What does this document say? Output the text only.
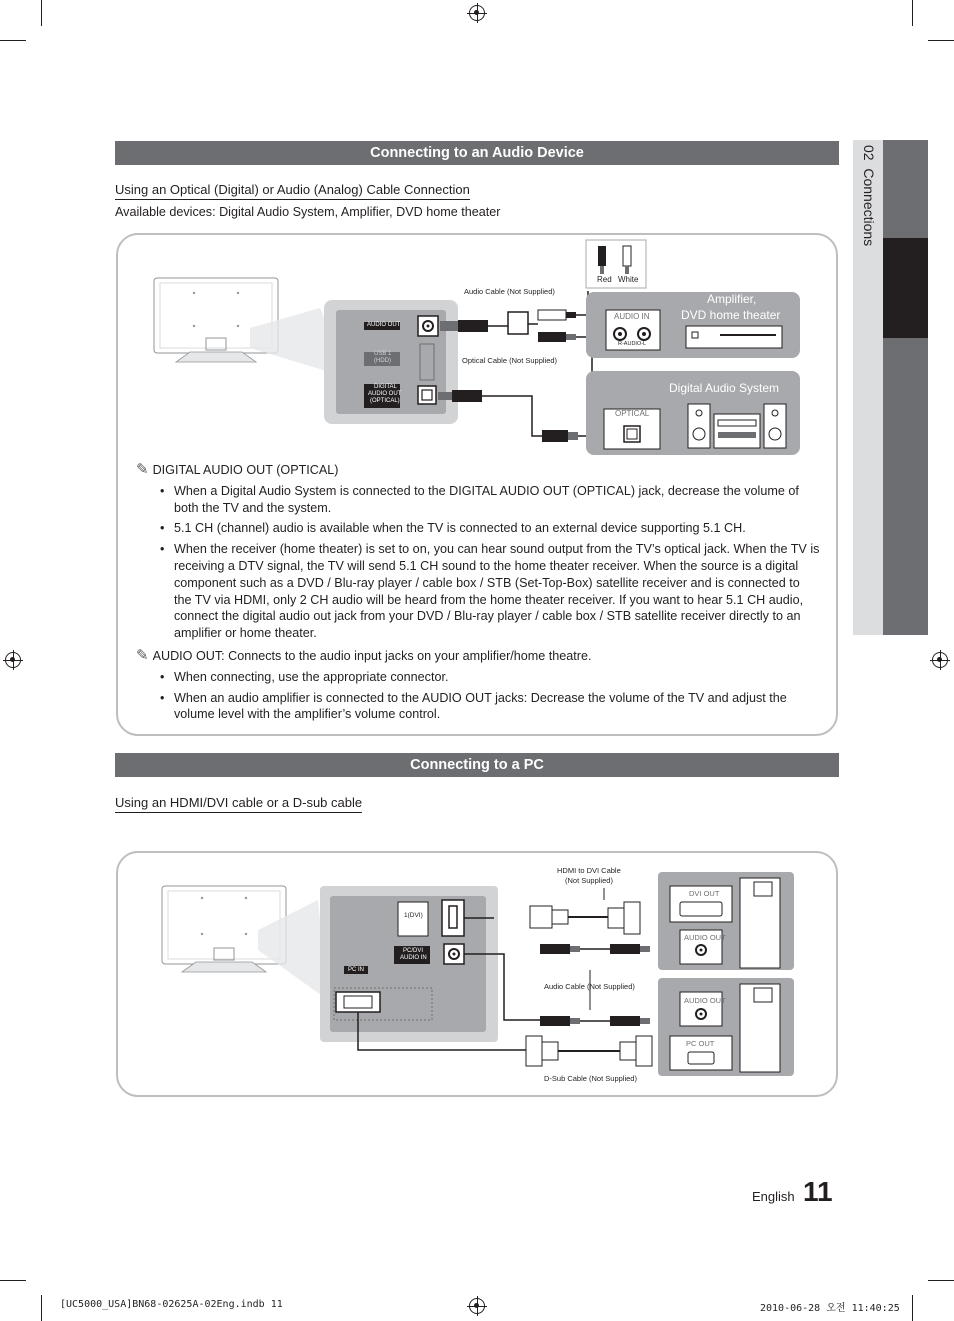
02  Connections
Connecting to an Audio Device
Using an Optical (Digital) or Audio (Analog) Cable Connection
Available devices: Digital Audio System, Amplifier, DVD home theater
AUDIO OUT
USB 1
(HDD)
DIGITAL
AUDIO OUT
(OPTICAL)
Audio Cable (Not Supplied)
Optical Cable (Not Supplied)
Red White
Amplifier,
DVD home theater
AUDIO IN
R-AUDIO-L
Digital Audio System
OPTICAL
✎ DIGITAL AUDIO OUT (OPTICAL)
• When a Digital Audio System is connected to the DIGITAL AUDIO OUT (OPTICAL) jack, decrease the volume of both the TV and the system.
• 5.1 CH (channel) audio is available when the TV is connected to an external device supporting 5.1 CH.
• When the receiver (home theater) is set to on, you can hear sound output from the TV’s optical jack. When the TV is receiving a DTV signal, the TV will send 5.1 CH sound to the home theater receiver. When the source is a digital component such as a DVD / Blu-ray player / cable box / STB (Set-Top-Box) satellite receiver and is connected to the TV via HDMI, only 2 CH audio will be heard from the home theater receiver. If you want to hear 5.1 CH audio, connect the digital audio out jack from your DVD / Blu-ray player / cable box / STB satellite receiver directly to an amplifier or home theater.
✎ AUDIO OUT: Connects to the audio input jacks on your amplifier/home theatre.
• When connecting, use the appropriate connector.
• When an audio amplifier is connected to the AUDIO OUT jacks: Decrease the volume of the TV and adjust the volume level with the amplifier’s volume control.
Connecting to a PC
Using an HDMI/DVI cable or a D-sub cable
1(DVI)
PC/DVI
AUDIO IN
PC IN
HDMI to DVI Cable
(Not Supplied)
Audio Cable (Not Supplied)
D-Sub Cable (Not Supplied)
DVI OUT
AUDIO OUT
AUDIO OUT
PC OUT
English 11
[UC5000_USA]BN68-02625A-02Eng.indb 11	2010-06-28 오전 11:40:25
